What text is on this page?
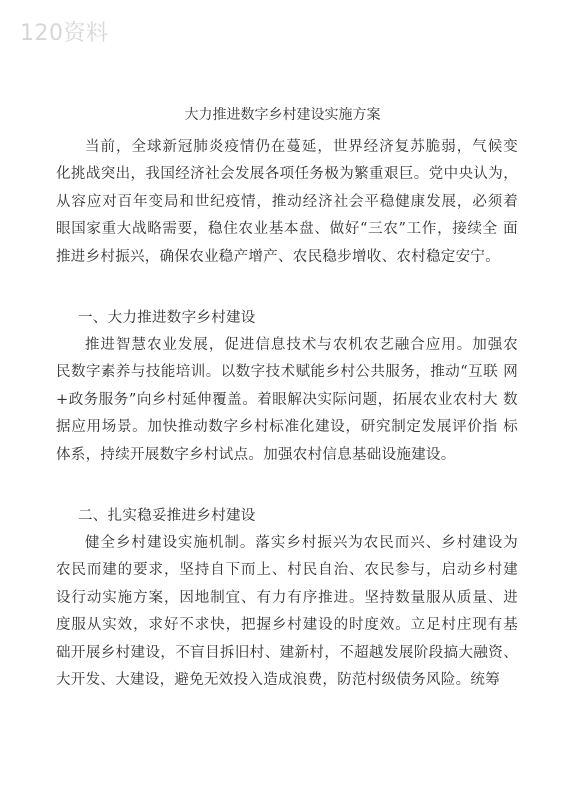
120资料
大力推进数字乡村建设实施方案
当前，全球新冠肺炎疫情仍在蔓延，世界经济复苏脆弱，气候变 化挑战突出，我国经济社会发展各项任务极为繁重艰巨。党中央认为，从容应对百年变局和世纪疫情，推动经济社会平稳健康发展，必须着 眼国家重大战略需要，稳住农业基本盘、做好“三农”工作，接续全 面推进乡村振兴，确保农业稳产增产、农民稳步增收、农村稳定安宁。
一、大力推进数字乡村建设
推进智慧农业发展，促进信息技术与农机农艺融合应用。加强农 民数字素养与技能培训。以数字技术赋能乡村公共服务，推动“互联 网+政务服务”向乡村延伸覆盖。着眼解决实际问题，拓展农业农村大 数据应用场景。加快推动数字乡村标准化建设，研究制定发展评价指 标体系，持续开展数字乡村试点。加强农村信息基础设施建设。
二、扎实稳妥推进乡村建设
健全乡村建设实施机制。落实乡村振兴为农民而兴、乡村建设为 农民而建的要求，坚持自下而上、村民自治、农民参与，启动乡村建 设行动实施方案，因地制宜、有力有序推进。坚持数量服从质量、进 度服从实效，求好不求快，把握乡村建设的时度效。立足村庄现有基 础开展乡村建设，不盲目拆旧村、建新村，不超越发展阶段搞大融资、 大开发、大建设，避免无效投入造成浪费，防范村级债务风险。统筹
